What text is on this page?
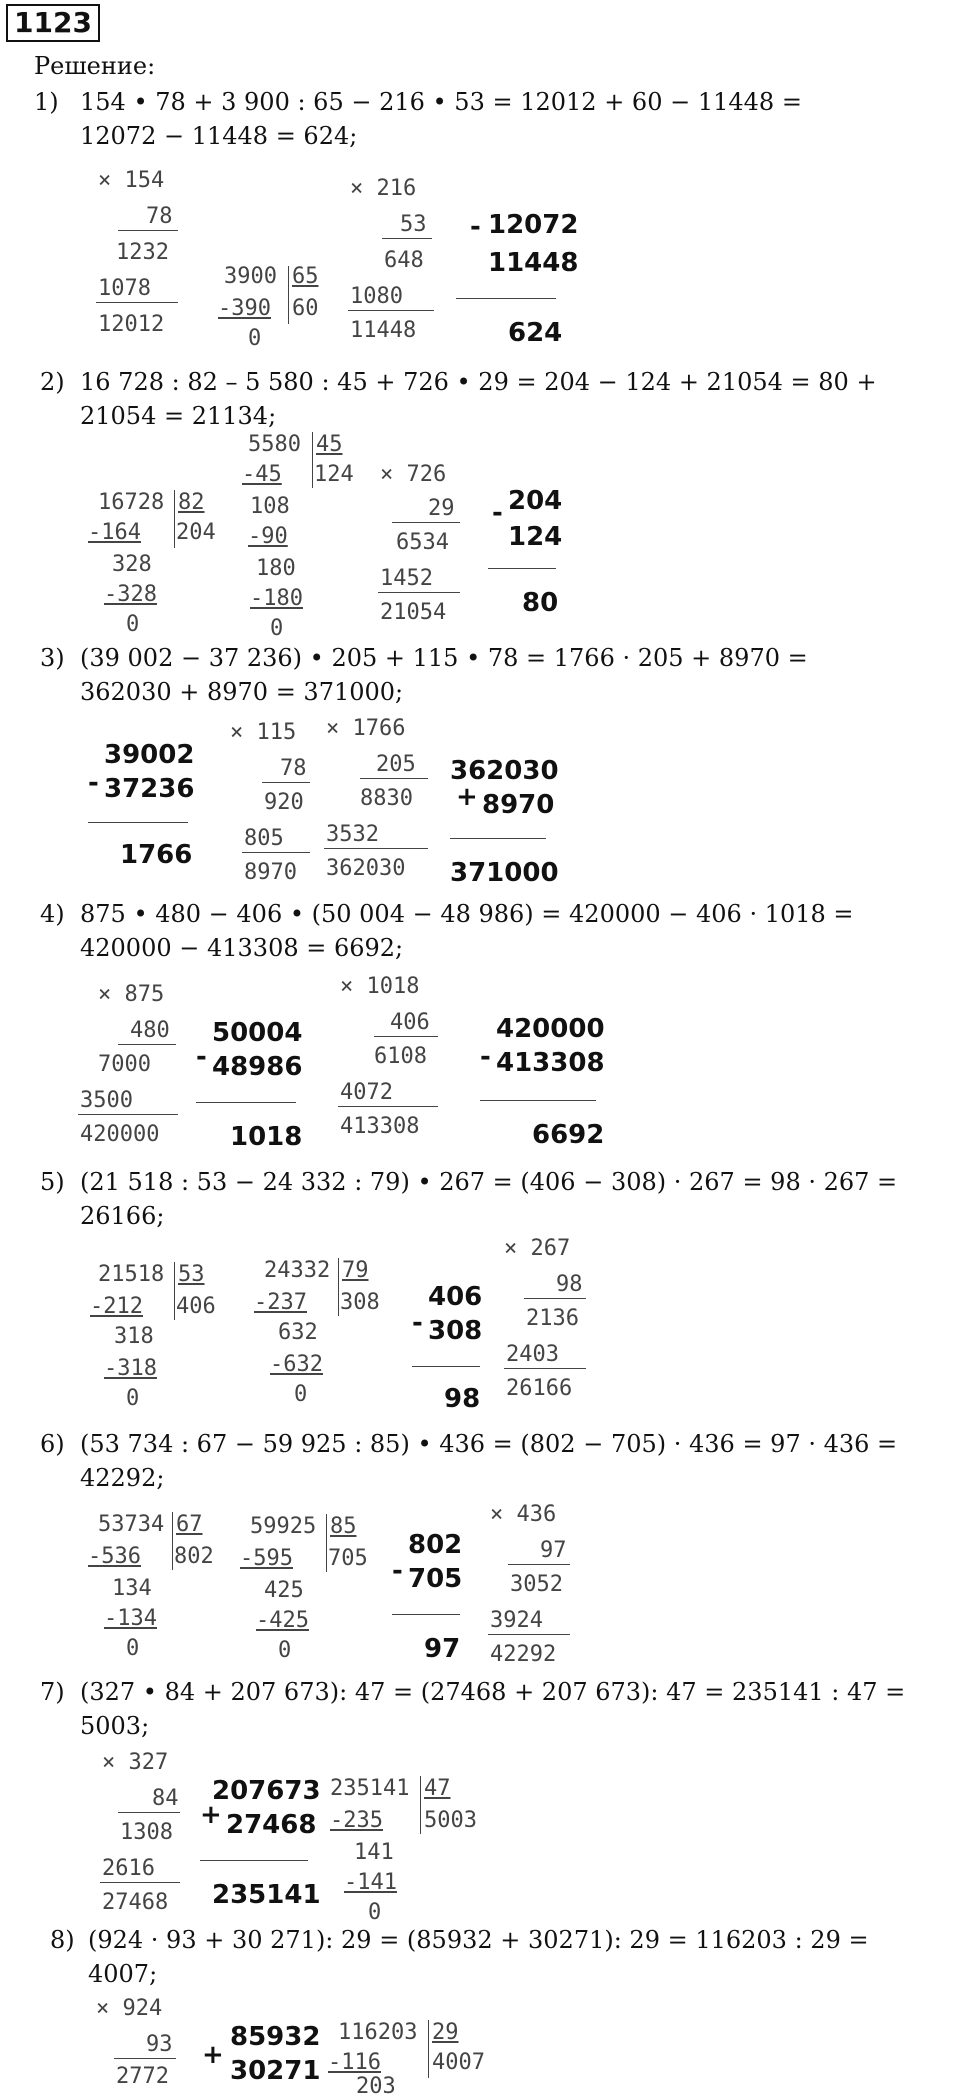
1123
Решение:
1) 154 • 78 + 3 900 : 65 − 216 • 53 = 12012 + 60 − 11448 =
12072 − 11448 = 624;
× 154
78
1232
1078
12012
3900 65
-390 60
0
× 216
53
648
1080
11448
- 12072
11448
624
2) 16 728 : 82 – 5 580 : 45 + 726 • 29 = 204 − 124 + 21054 = 80 +
21054 = 21134;
16728 82
-164 204
328
-328
0
5580 45
-45 124
108
-90
180
-180
0
× 726
29
6534
1452
21054
- 204
124
80
3) (39 002 − 37 236) • 205 + 115 • 78 = 1766 · 205 + 8970 =
362030 + 8970 = 371000;
-
39002
37236
1766
× 115
78
920
805
8970
× 1766
205
8830
3532
362030
362030
+ 8970
371000
4) 875 • 480 − 406 • (50 004 − 48 986) = 420000 − 406 · 1018 =
420000 − 413308 = 6692;
× 875
480
7000
3500
420000
-
50004
48986
1018
× 1018
406
6108
4072
413308
-
420000
413308
6692
5) (21 518 : 53 − 24 332 : 79) • 267 = (406 − 308) · 267 = 98 · 267 =
26166;
21518 53
-212 406
318
-318
0
24332 79
-237 308
632
-632
0
-
406
308
98
× 267
98
2136
2403
26166
6) (53 734 : 67 − 59 925 : 85) • 436 = (802 − 705) · 436 = 97 · 436 =
42292;
53734 67
-536 802
134
-134
0
59925 85
-595 705
425
-425
0
-
802
705
97
× 436
97
3052
3924
42292
7) (327 • 84 + 207 673): 47 = (27468 + 207 673): 47 = 235141 : 47 =
5003;
× 327
84
1308
2616
27468
207673
+ 27468
235141
235141 47
-235 5003
141
-141
0
8) (924 · 93 + 30 271): 29 = (85932 + 30271): 29 = 116203 : 29 =
4007;
× 924
93
2772
85932
+
30271
116203 29
-116 4007
203
